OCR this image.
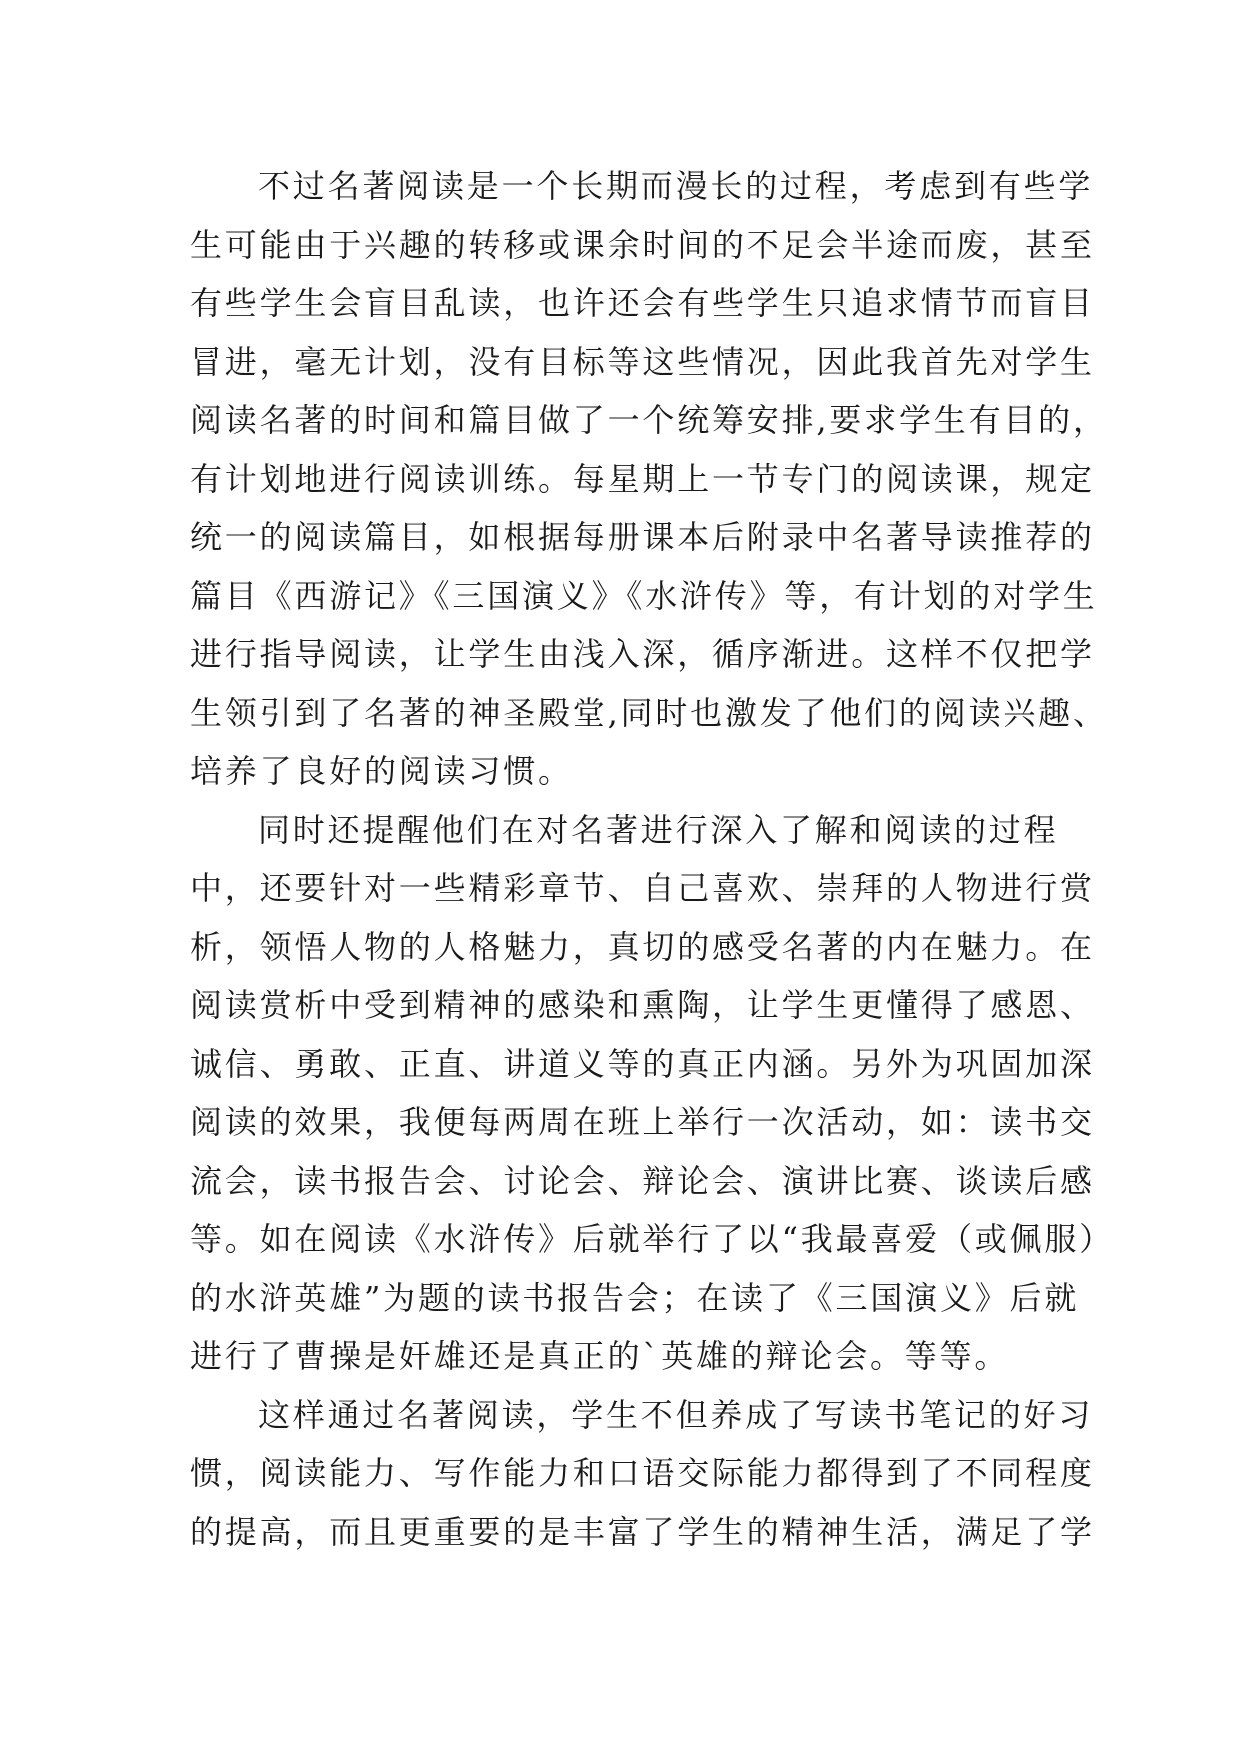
不过名著阅读是一个长期而漫长的过程，考虑到有些学
生可能由于兴趣的转移或课余时间的不足会半途而废，甚至
有些学生会盲目乱读，也许还会有些学生只追求情节而盲目
冒进，毫无计划，没有目标等这些情况，因此我首先对学生
阅读名著的时间和篇目做了一个统筹安排,要求学生有目的，
有计划地进行阅读训练。每星期上一节专门的阅读课，规定
统一的阅读篇目，如根据每册课本后附录中名著导读推荐的
篇目《西游记》《三国演义》《水浒传》等，有计划的对学生
进行指导阅读，让学生由浅入深，循序渐进。这样不仅把学
生领引到了名著的神圣殿堂,同时也激发了他们的阅读兴趣、
培养了良好的阅读习惯。
同时还提醒他们在对名著进行深入了解和阅读的过程
中，还要针对一些精彩章节、自己喜欢、崇拜的人物进行赏
析，领悟人物的人格魅力，真切的感受名著的内在魅力。在
阅读赏析中受到精神的感染和熏陶，让学生更懂得了感恩、
诚信、勇敢、正直、讲道义等的真正内涵。另外为巩固加深
阅读的效果，我便每两周在班上举行一次活动，如：读书交
流会，读书报告会、讨论会、辩论会、演讲比赛、谈读后感
等。如在阅读《水浒传》后就举行了以“我最喜爱（或佩服）
的水浒英雄”为题的读书报告会；在读了《三国演义》后就
进行了曹操是奸雄还是真正的`英雄的辩论会。等等。
这样通过名著阅读，学生不但养成了写读书笔记的好习
惯，阅读能力、写作能力和口语交际能力都得到了不同程度
的提高，而且更重要的是丰富了学生的精神生活，满足了学
